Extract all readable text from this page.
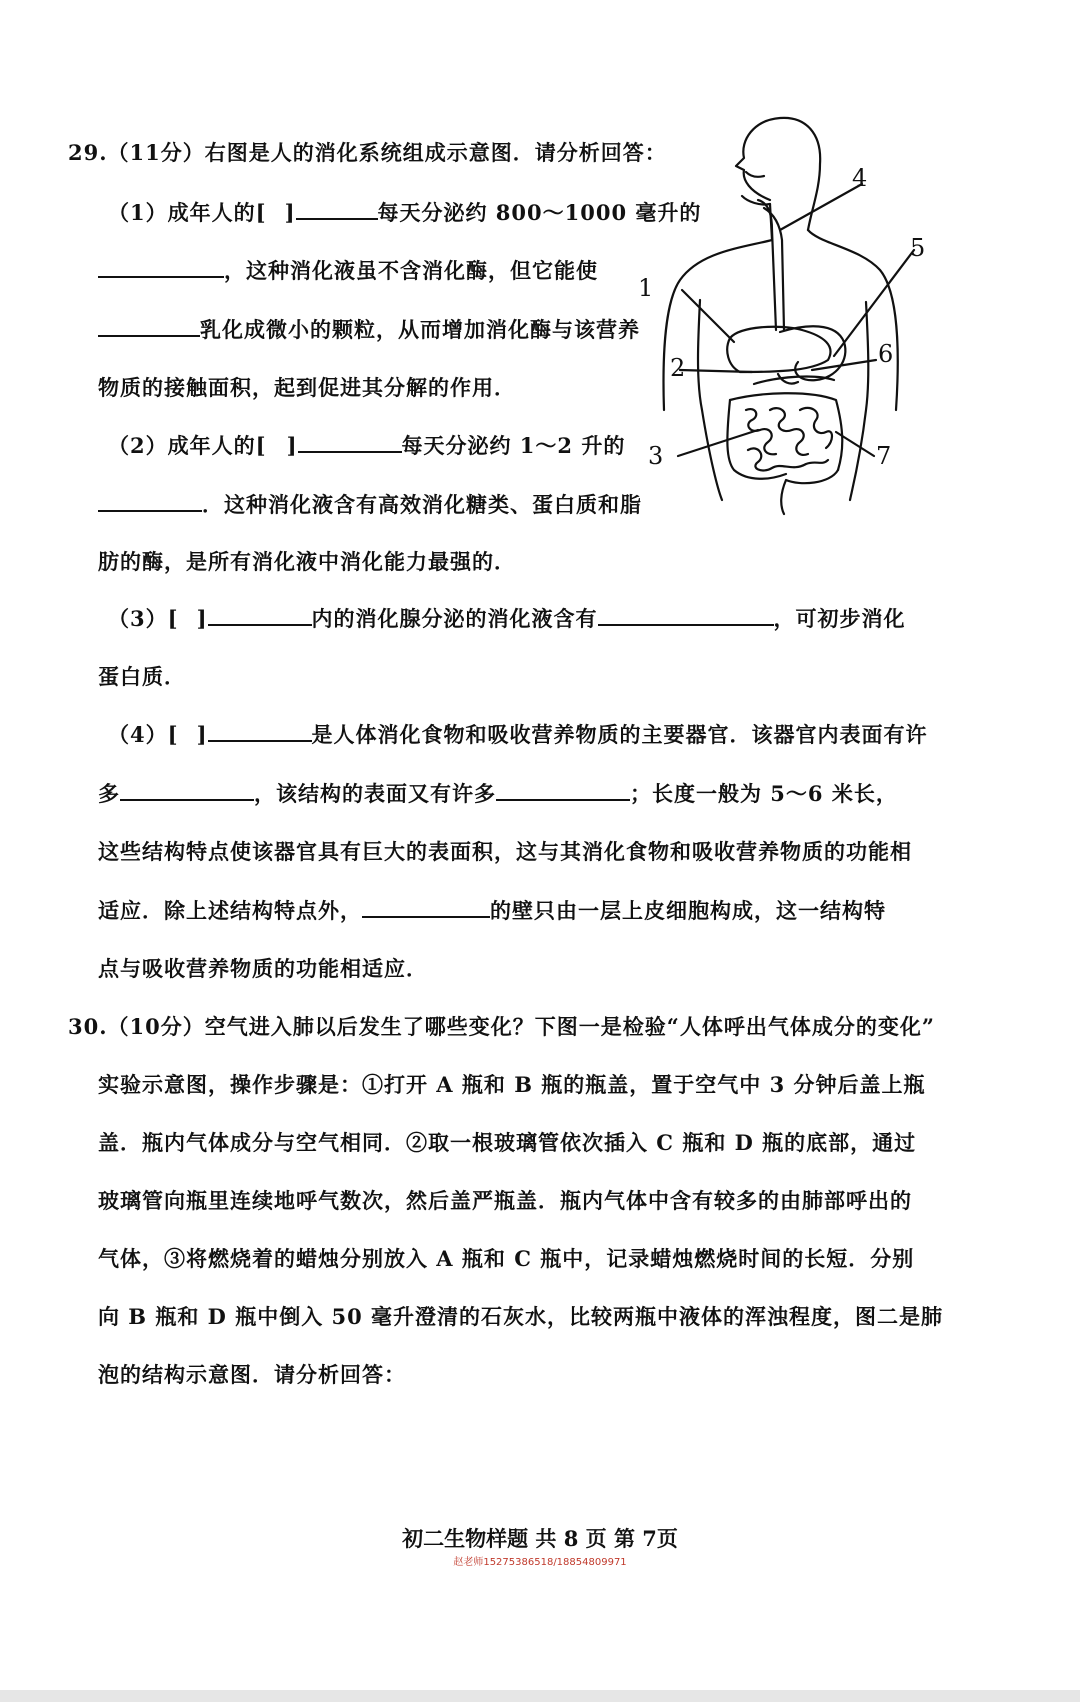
29.（11分）右图是人的消化系统组成示意图．请分析回答：
（1）成年人的[ ]	每天分泌约 800～1000 毫升的
，这种消化液虽不含消化酶，但它能使
乳化成微小的颗粒，从而增加消化酶与该营养
物质的接触面积，起到促进其分解的作用．
（2）成年人的[ ]	每天分泌约 1～2 升的
．这种消化液含有高效消化糖类、蛋白质和脂
肪的酶，是所有消化液中消化能力最强的．
（3）[ ]	内的消化腺分泌的消化液含有	，可初步消化
蛋白质．
（4）[ ]	是人体消化食物和吸收营养物质的主要器官．该器官内表面有许
多	，该结构的表面又有许多	；长度一般为 5～6 米长，
这些结构特点使该器官具有巨大的表面积，这与其消化食物和吸收营养物质的功能相
适应．除上述结构特点外，	的壁只由一层上皮细胞构成，这一结构特
点与吸收营养物质的功能相适应．
30.（10分）空气进入肺以后发生了哪些变化？下图一是检验“人体呼出气体成分的变化”
实验示意图，操作步骤是：①打开 A 瓶和 B 瓶的瓶盖，置于空气中 3 分钟后盖上瓶
盖．瓶内气体成分与空气相同．②取一根玻璃管依次插入 C 瓶和 D 瓶的底部，通过
玻璃管向瓶里连续地呼气数次，然后盖严瓶盖．瓶内气体中含有较多的由肺部呼出的
气体，③将燃烧着的蜡烛分别放入 A 瓶和 C 瓶中，记录蜡烛燃烧时间的长短．分别
向 B 瓶和 D 瓶中倒入 50 毫升澄清的石灰水，比较两瓶中液体的浑浊程度，图二是肺
泡的结构示意图．请分析回答：
1
2
3
4
5
6
7
初二生物样题 共 8 页 第 7页
赵老师15275386518/18854809971
